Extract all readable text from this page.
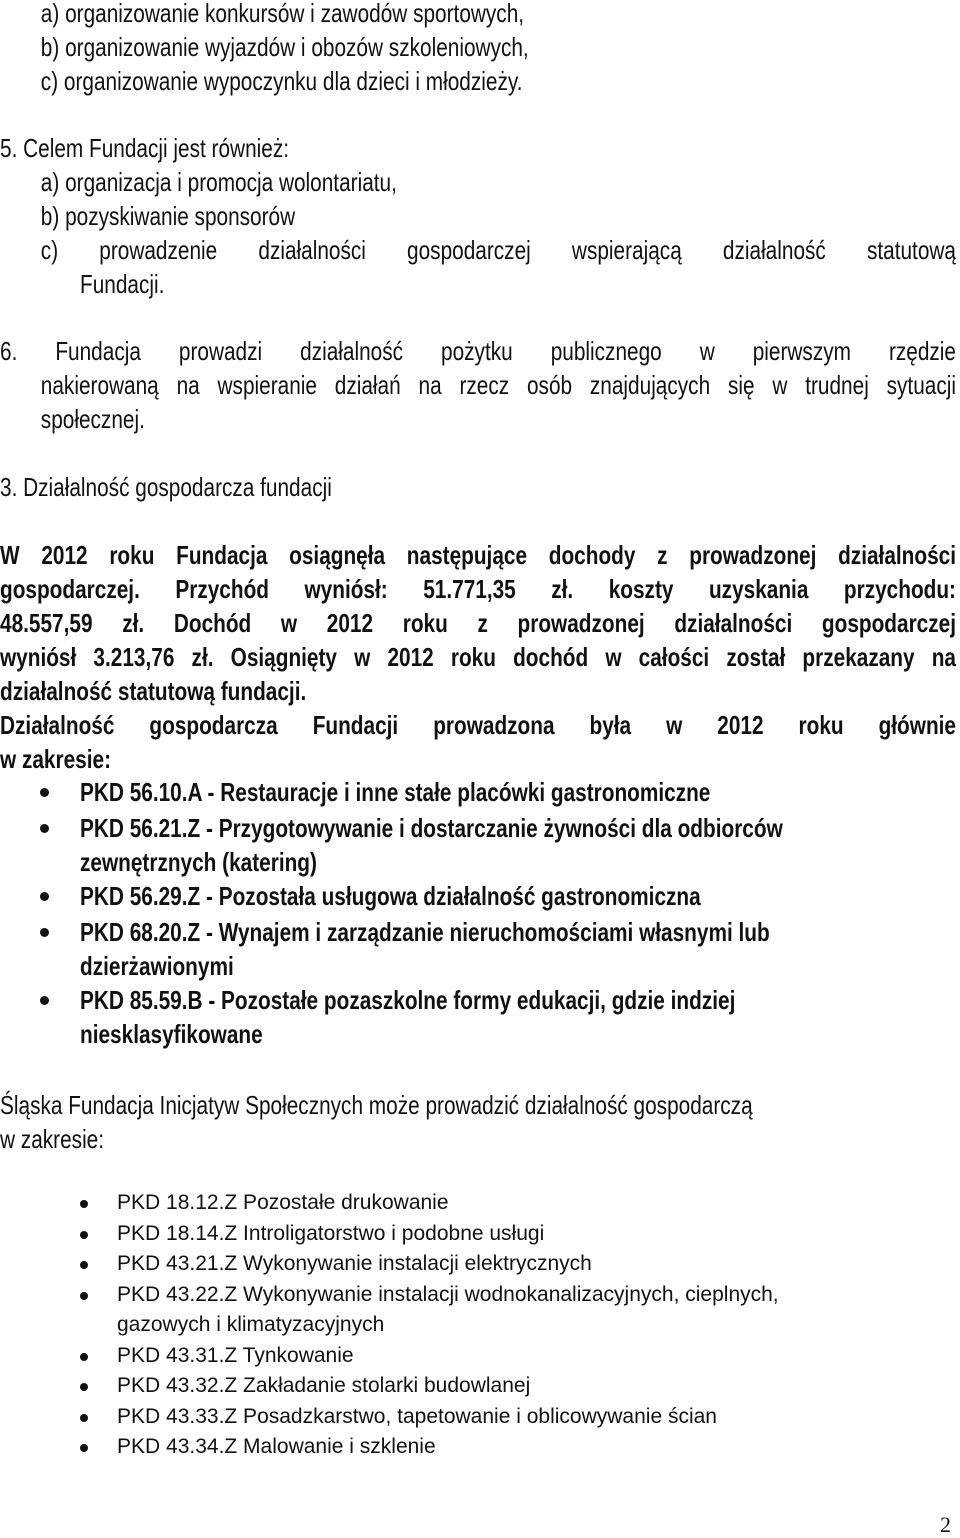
a) organizowanie konkursów i zawodów sportowych,
b) organizowanie wyjazdów i obozów szkoleniowych,
c) organizowanie wypoczynku dla dzieci i młodzieży.
5. Celem Fundacji jest również:
a) organizacja i promocja wolontariatu,
b) pozyskiwanie sponsorów
c) prowadzenie działalności gospodarczej wspierającą działalność statutową
Fundacji.
6. Fundacja prowadzi działalność pożytku publicznego w pierwszym rzędzie
nakierowaną na wspieranie działań na rzecz osób znajdujących się w trudnej sytuacji
społecznej.
3. Działalność gospodarcza fundacji
W 2012 roku Fundacja osiągnęła następujące dochody z prowadzonej działalności
gospodarczej. Przychód wyniósł: 51.771,35 zł. koszty uzyskania przychodu:
48.557,59 zł. Dochód w 2012 roku z prowadzonej działalności gospodarczej
wyniósł 3.213,76 zł. Osiągnięty w 2012 roku dochód w całości został przekazany na
działalność statutową fundacji.
Działalność gospodarcza Fundacji prowadzona była w 2012 roku głównie
w zakresie:
PKD 56.10.A - Restauracje i inne stałe placówki gastronomiczne
PKD 56.21.Z - Przygotowywanie i dostarczanie żywności dla odbiorców
zewnętrznych (katering)
PKD 56.29.Z - Pozostała usługowa działalność gastronomiczna
PKD 68.20.Z - Wynajem i zarządzanie nieruchomościami własnymi lub
dzierżawionymi
PKD 85.59.B - Pozostałe pozaszkolne formy edukacji, gdzie indziej
niesklasyfikowane
Śląska Fundacja Inicjatyw Społecznych może prowadzić działalność gospodarczą
w zakresie:
PKD 18.12.Z Pozostałe drukowanie
PKD 18.14.Z Introligatorstwo i podobne usługi
PKD 43.21.Z Wykonywanie instalacji elektrycznych
PKD 43.22.Z Wykonywanie instalacji wodnokanalizacyjnych, cieplnych,
gazowych i klimatyzacyjnych
PKD 43.31.Z Tynkowanie
PKD 43.32.Z Zakładanie stolarki budowlanej
PKD 43.33.Z Posadzkarstwo, tapetowanie i oblicowywanie ścian
PKD 43.34.Z Malowanie i szklenie
2
